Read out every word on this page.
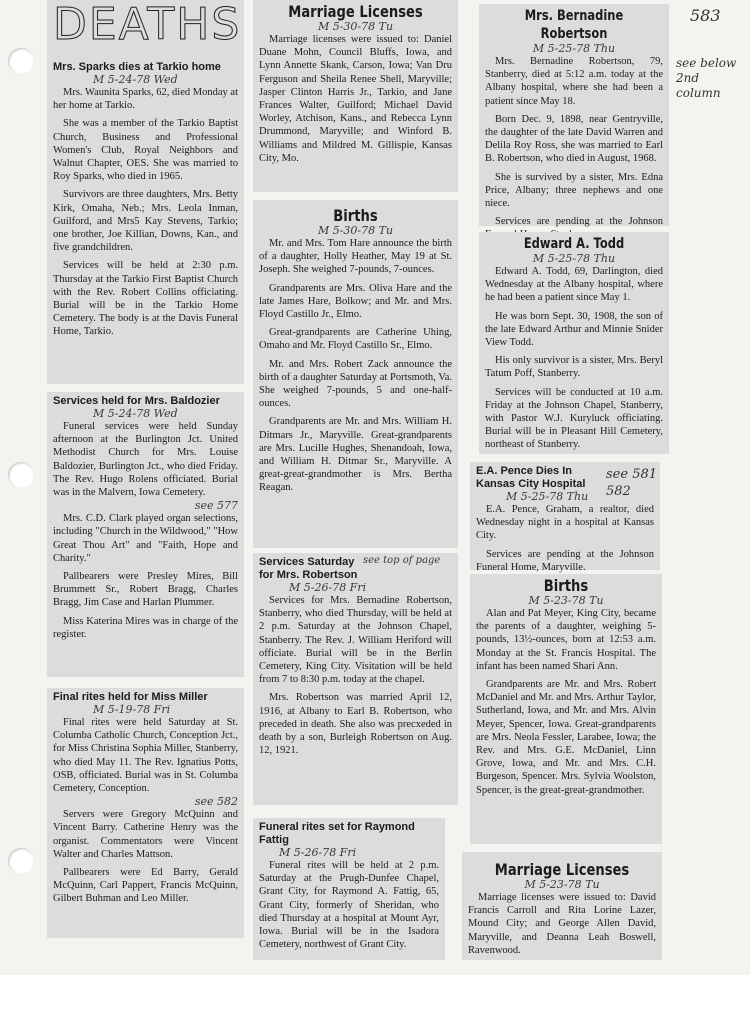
583
see below 2nd column
DEATHS
Mrs. Sparks dies at Tarkio home
M 5-24-78 Wed

Mrs. Waunita Sparks, 62, died Monday at her home at Tarkio.

She was a member of the Tarkio Baptist Church, Business and Professional Women's Club, Royal Neighbors and Walnut Chapter, OES. She was married to Roy Sparks, who died in 1965.

Survivors are three daughters, Mrs. Betty Kirk, Omaha, Neb.; Mrs. Leola Inman, Guilford, and Mrs5 Kay Stevens, Tarkio; one brother, Joe Killian, Downs, Kan., and five grandchildren.

Services will be held at 2:30 p.m. Thursday at the Tarkio First Baptist Church with the Rev. Robert Collins officiating. Burial will be in the Tarkio Home Cemetery. The body is at the Davis Funeral Home, Tarkio.

Services held for Mrs. Baldozier
M 5-24-78 Wed

Funeral services were held Sunday afternoon at the Burlington Jct. United Methodist Church for Mrs. Louise Baldozier, Burlington Jct., who died Friday. The Rev. Hugo Rolens officiated. Burial was in the Malvern, Iowa Cemetery.

see 577

Mrs. C.D. Clark played organ selections, including "Church in the Wildwood," "How Great Thou Art" and "Faith, Hope and Charity."

Pallbearers were Presley Mires, Bill Brummett Sr., Robert Bragg, Charles Bragg, Jim Case and Harlan Plummer.

Miss Katerina Mires was in charge of the register.

Final rites held for Miss Miller
M 5-19-78 Fri

Final rites were held Saturday at St. Columba Catholic Church, Conception Jct., for Miss Christina Sophia Miller, Stanberry, who died May 11. The Rev. Ignatius Potts, OSB, officiated. Burial was in St. Columba Cemetery, Conception.

see 582

Servers were Gregory McQuinn and Vincent Barry. Catherine Henry was the organist. Commentators were Vincent Walter and Charles Mattson.

Pallbearers were Ed Barry, Gerald McQuinn, Carl Pappert, Francis McQuinn, Gilbert Buhman and Leo Miller.

Marriage Licenses
M 5-30-78 Tu

Marriage licenses were issued to: Daniel Duane Mohn, Council Bluffs, Iowa, and Lynn Annette Skank, Carson, Iowa; Van Dru Ferguson and Sheila Renee Shell, Maryville; Jasper Clinton Harris Jr., Tarkio, and Jane Frances Walter, Guilford; Michael David Worley, Atchison, Kans., and Rebecca Lynn Drummond, Maryville; and Winford B. Williams and Mildred M. Gillispie, Kansas City, Mo.

Births
M 5-30-78 Tu

Mr. and Mrs. Tom Hare announce the birth of a daughter, Holly Heather, May 19 at St. Joseph. She weighed 7-pounds, 7-ounces.

Grandparents are Mrs. Oliva Hare and the late James Hare, Bolkow; and Mr. and Mrs. Floyd Castillo Jr., Elmo.

Great-grandparents are Catherine Uhing, Omaho and Mr. Floyd Castillo Sr., Elmo.

Mr. and Mrs. Robert Zack announce the birth of a daughter Saturday at Portsmoth, Va. She weighed 7-pounds, 5 and one-half-ounces.

Grandparents are Mr. and Mrs. William H. Ditmars Jr., Maryville. Great-grandparents are Mrs. Lucille Hughes, Shenandoah, Iowa, and William H. Ditmar Sr., Maryville. A great-great-grandmother is Mrs. Bertha Reagan.

Services Saturday for Mrs. Robertson
see top of page
M 5-26-78 Fri

Services for Mrs. Bernadine Robertson, Stanberry, who died Thursday, will be held at 2 p.m. Saturday at the Johnson Chapel, Stanberry. The Rev. J. William Heriford will officiate. Burial will be in the Berlin Cemetery, King City. Visitation will be held from 7 to 8:30 p.m. today at the chapel.

Mrs. Robertson was married April 12, 1916, at Albany to Earl B. Robertson, who preceded in death. She also was precxeded in death by a son, Burleigh Robertson on Aug. 12, 1921.

Funeral rites set for Raymond Fattig
M 5-26-78 Fri

Funeral rites will be held at 2 p.m. Saturday at the Prugh-Dunfee Chapel, Grant City, for Raymond A. Fattig, 65, Grant City, formerly of Sheridan, who died Thursday at a hospital at Mount Ayr, Iowa. Burial will be in the Isadora Cemetery, northwest of Grant City.

Mrs. Bernadine Robertson
M 5-25-78 Thu

Mrs. Bernadine Robertson, 79, Stanberry, died at 5:12 a.m. today at the Albany hospital, where she had been a patient since May 18.

Born Dec. 9, 1898, near Gentryville, the daughter of the late David Warren and Delila Roy Ross, she was married to Earl B. Robertson, who died in August, 1968.

She is survived by a sister, Mrs. Edna Price, Albany; three nephews and one niece.

Services are pending at the Johnson

Edward A. Todd
M 5-25-78 Thu

Edward A. Todd, 69, Darlington, died Wednesday at the Albany hospital, where he had been a patient since May 1.

He was born Sept. 30, 1908, the son of the late Edward Arthur and Minnie Snider View Todd.

His only survivor is a sister, Mrs. Beryl Tatum Poff, Stanberry.

Services will be conducted at 10 a.m. Friday at the Johnson Chapel, Stanberry, with Pastor W.J. Kuryluck officiating. Burial will be in Pleasant Hill Cemetery, northeast of Stanberry.

E.A. Pence Dies In Kansas City Hospital
M 5-25-78 Thu

E.A. Pence, Graham, a realtor, died Wednesday night in a hospital at Kansas City.

Services are pending at the Johnson Funeral Home, Maryville.

see 581 582
Births
M 5-23-78 Tu

Alan and Pat Meyer, King City, became the parents of a daughter, weighing 5-pounds, 13½-ounces, born at 12:53 a.m. Monday at the St. Francis Hospital. The infant has been named Shari Ann.

Grandparents are Mr. and Mrs. Robert McDaniel and Mr. and Mrs. Arthur Taylor, Sutherland, Iowa, and Mr. and Mrs. Alvin Meyer, Spencer, Iowa. Great-grandparents are Mrs. Neola Fessler, Larabee, Iowa; the Rev. and Mrs. G.E. McDaniel, Linn Grove, Iowa, and Mr. and Mrs. C.H. Burgeson, Spencer. Mrs. Sylvia Woolston, Spencer, is the great-great-grandmother.

Marriage Licenses
M 5-23-78 Tu

Marriage licenses were issued to: David Francis Carroll and Rita Lorine Lazer, Mound City; and George Allen David, Maryville, and Deanna Leah Boswell, Ravenwood.
